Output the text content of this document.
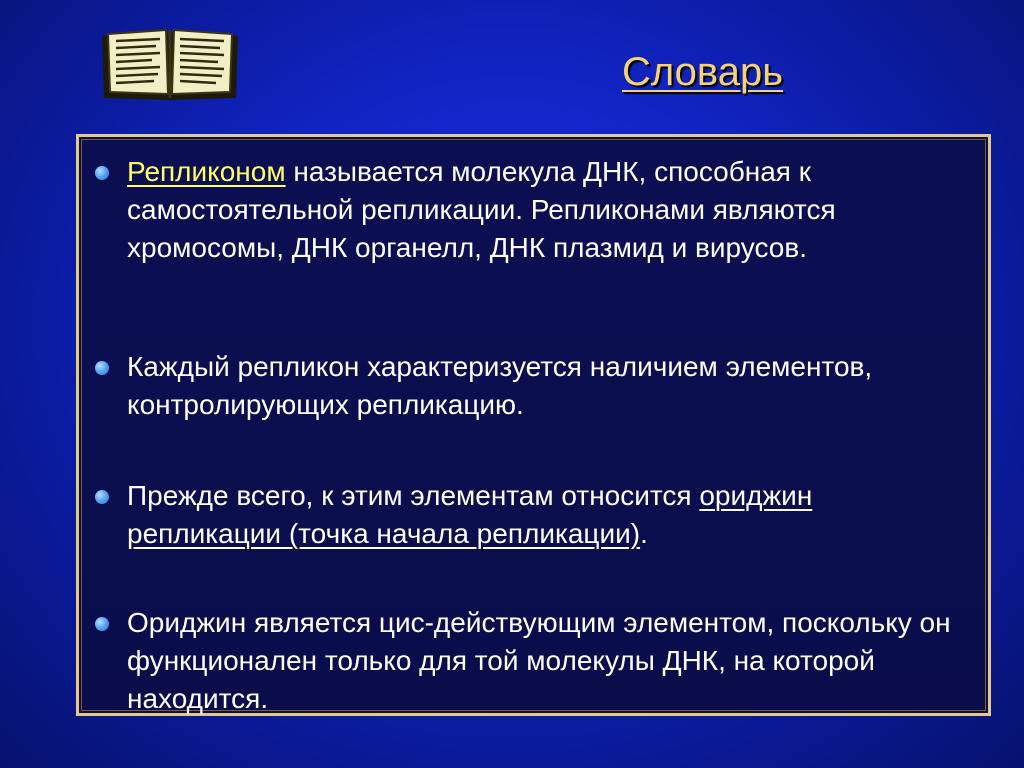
Словарь
Репликоном называется молекула ДНК, способная к самостоятельной репликации. Репликонами являются хромосомы, ДНК органелл, ДНК плазмид и вирусов.
Каждый репликон характеризуется наличием элементов, контролирующих репликацию.
Прежде всего, к этим элементам относится ориджин репликации (точка начала репликации).
Ориджин является цис-действующим элементом, поскольку он функционален только для той молекулы ДНК, на которой находится.
